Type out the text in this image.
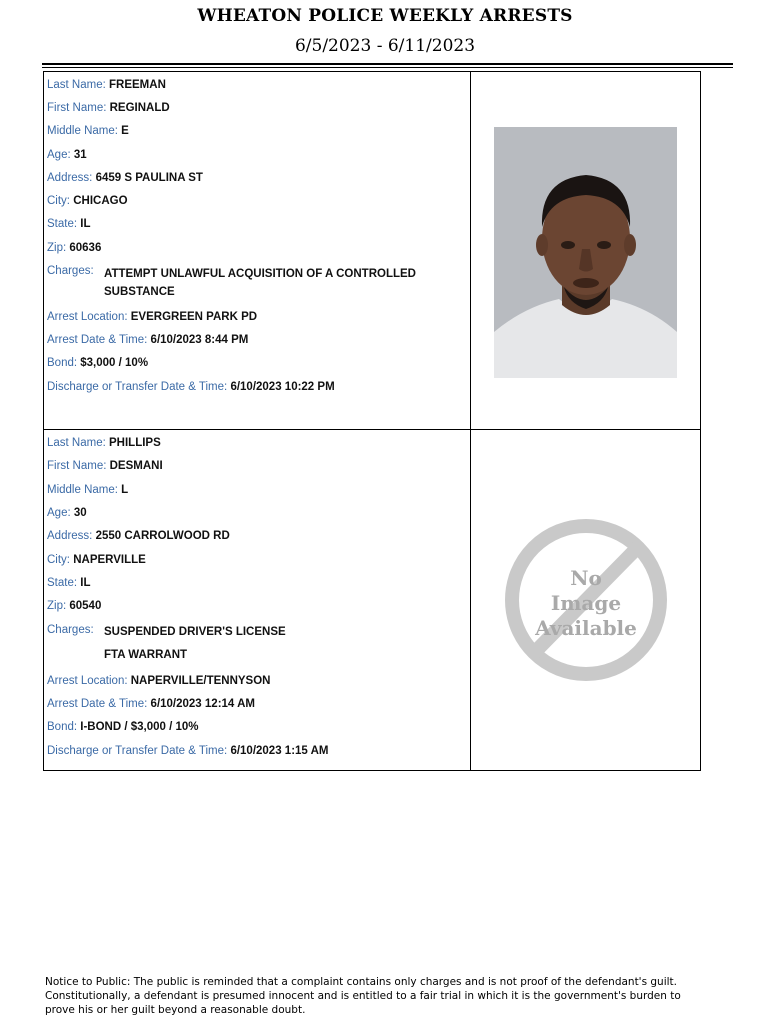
WHEATON POLICE WEEKLY ARRESTS
6/5/2023 - 6/11/2023
Last Name: FREEMAN
First Name: REGINALD
Middle Name: E
Age: 31
Address: 6459 S PAULINA ST
City: CHICAGO
State: IL
Zip: 60636
Charges: ATTEMPT UNLAWFUL ACQUISITION OF A CONTROLLED
SUBSTANCE
Arrest Location: EVERGREEN PARK PD
Arrest Date & Time: 6/10/2023 8:44 PM
Bond: $3,000 / 10%
Discharge or Transfer Date & Time: 6/10/2023 10:22 PM
Last Name: PHILLIPS
First Name: DESMANI
Middle Name: L
Age: 30
Address: 2550 CARROLWOOD RD
City: NAPERVILLE
State: IL
Zip: 60540
Charges: SUSPENDED DRIVER'S LICENSE
FTA WARRANT
Arrest Location: NAPERVILLE/TENNYSON
Arrest Date & Time: 6/10/2023 12:14 AM
Bond: I-BOND / $3,000 / 10%
Discharge or Transfer Date & Time: 6/10/2023 1:15 AM
No
Image
Available
Notice to Public: The public is reminded that a complaint contains only charges and is not proof of the defendant's guilt. Constitutionally, a defendant is presumed innocent and is entitled to a fair trial in which it is the government's burden to prove his or her guilt beyond a reasonable doubt.
